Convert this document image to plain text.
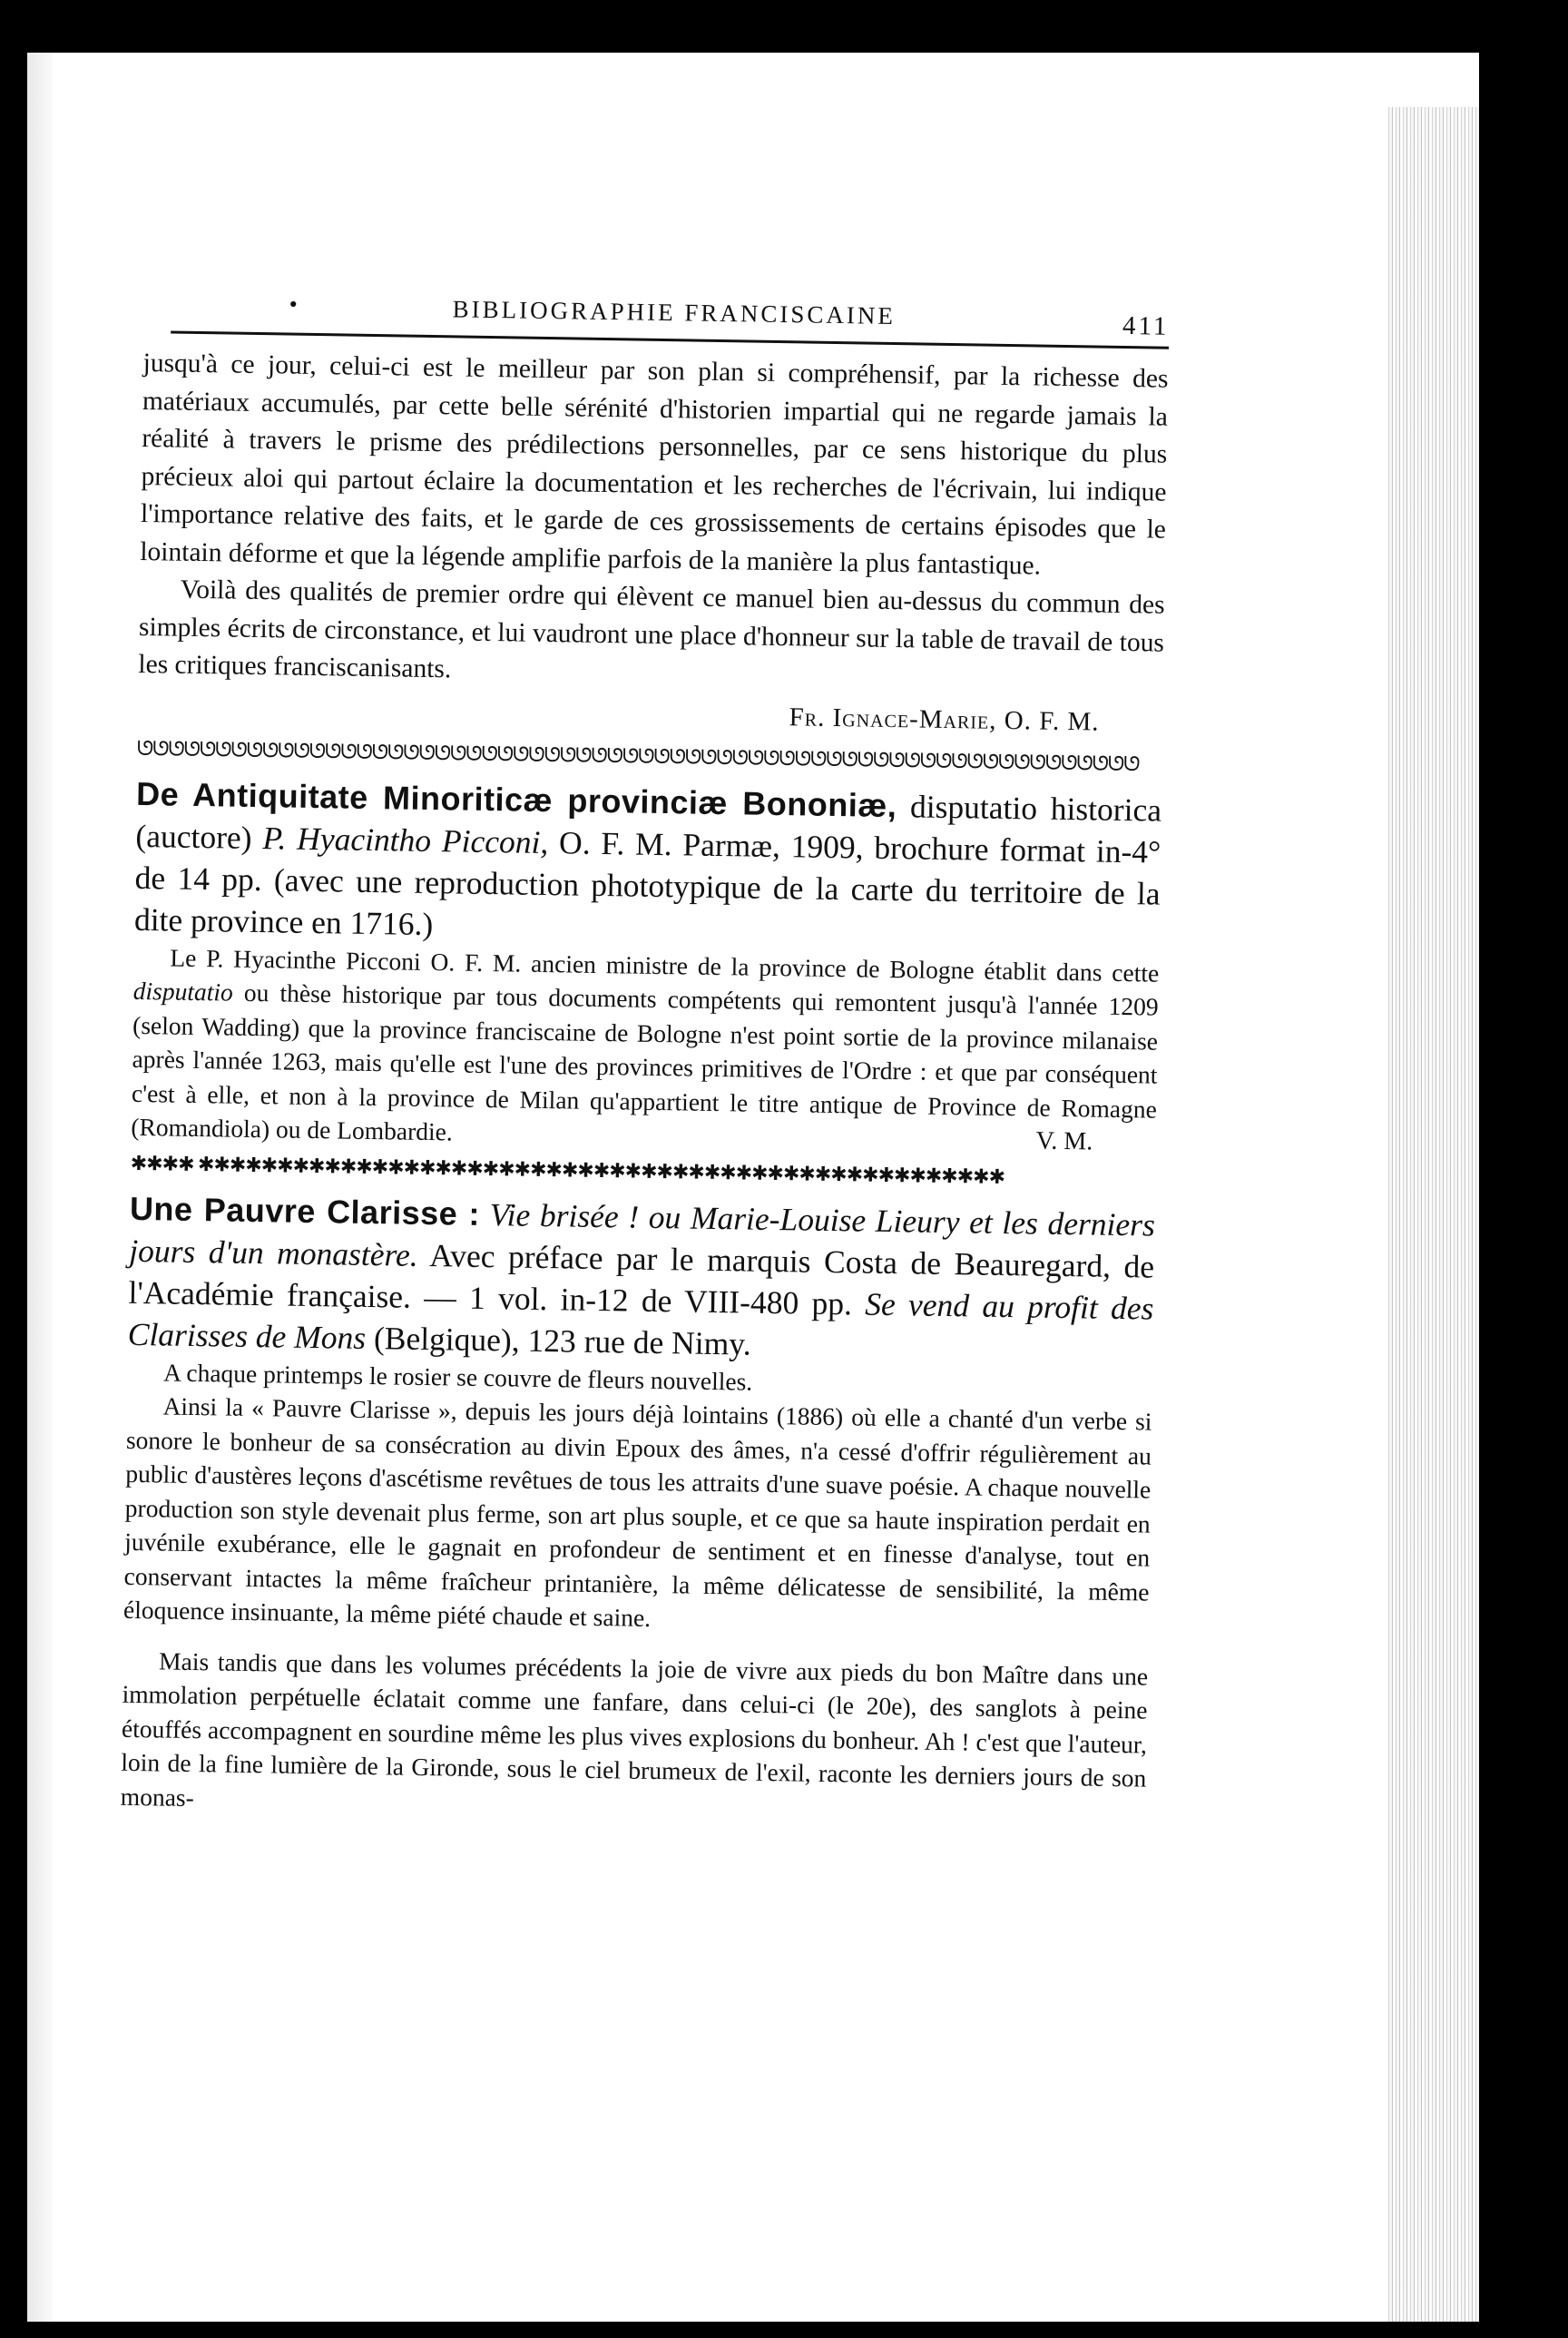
•	BIBLIOGRAPHIE FRANCISCAINE	411

jusqu'à ce jour, celui-ci est le meilleur par son plan si compréhensif, par la richesse des matériaux accumulés, par cette belle sérénité d'historien impartial qui ne regarde jamais la réalité à travers le prisme des prédilections personnelles, par ce sens historique du plus précieux aloi qui partout éclaire la documentation et les recherches de l'écrivain, lui indique l'importance relative des faits, et le garde de ces grossissements de certains épisodes que le lointain déforme et que la légende amplifie parfois de la manière la plus fantastique.

Voilà des qualités de premier ordre qui élèvent ce manuel bien au-dessus du commun des simples écrits de circonstance, et lui vaudront une place d'honneur sur la table de travail de tous les critiques franciscanisants.

Fr. Ignace-Marie, O. F. M.
ᘎᘎᘎᘎᘎᘎᘎᘎᘎᘎᘎᘎᘎᘎᘎᘎᘎᘎᘎᘎᘎᘎᘎᘎᘎᘎᘎᘎᘎᘎᘎᘎᘎᘎᘎᘎᘎᘎᘎᘎᘎᘎᘎᘎᘎᘎᘎᘎᘎᘎᘎᘎᘎᘎᘎᘎᘎᘎᘎᘎᘎᘎᘎᘎ

De Antiquitate Minoriticæ provinciæ Bononiæ, disputatio historica (auctore) P. Hyacintho Picconi, O. F. M. Parmæ, 1909, brochure format in-4° de 14 pp. (avec une reproduction phototypique de la carte du territoire de la dite province en 1716.)

Le P. Hyacinthe Picconi O. F. M. ancien ministre de la province de Bologne établit dans cette disputatio ou thèse historique par tous documents compétents qui remontent jusqu'à l'année 1209 (selon Wadding) que la province franciscaine de Bologne n'est point sortie de la province milanaise après l'année 1263, mais qu'elle est l'une des provinces primitives de l'Ordre : et que par conséquent c'est à elle, et non à la province de Milan qu'appartient le titre antique de Province de Romagne (Romandiola) ou de Lombardie.	V. M.
✱✱✱✱ ✱✱✱✱✱✱✱✱✱✱✱✱✱✱✱✱✱✱✱✱✱✱✱✱✱✱✱✱✱✱✱✱✱✱✱✱✱✱✱✱✱✱✱✱✱✱✱✱✱✱✱

Une Pauvre Clarisse : Vie brisée ! ou Marie-Louise Lieury et les derniers jours d'un monastère. Avec préface par le marquis Costa de Beauregard, de l'Académie française. — 1 vol. in-12 de VIII-480 pp. Se vend au profit des Clarisses de Mons (Belgique), 123 rue de Nimy.

A chaque printemps le rosier se couvre de fleurs nouvelles.

Ainsi la « Pauvre Clarisse », depuis les jours déjà lointains (1886) où elle a chanté d'un verbe si sonore le bonheur de sa consécration au divin Epoux des âmes, n'a cessé d'offrir régulièrement au public d'austères leçons d'ascétisme revêtues de tous les attraits d'une suave poésie. A chaque nouvelle production son style devenait plus ferme, son art plus souple, et ce que sa haute inspiration perdait en juvénile exubérance, elle le gagnait en profondeur de sentiment et en finesse d'analyse, tout en conservant intactes la même fraîcheur printanière, la même délicatesse de sensibilité, la même éloquence insinuante, la même piété chaude et saine.

Mais tandis que dans les volumes précédents la joie de vivre aux pieds du bon Maître dans une immolation perpétuelle éclatait comme une fanfare, dans celui-ci (le 20e), des sanglots à peine étouffés accompagnent en sourdine même les plus vives explosions du bonheur. Ah ! c'est que l'auteur, loin de la fine lumière de la Gironde, sous le ciel brumeux de l'exil, raconte les derniers jours de son monas-
